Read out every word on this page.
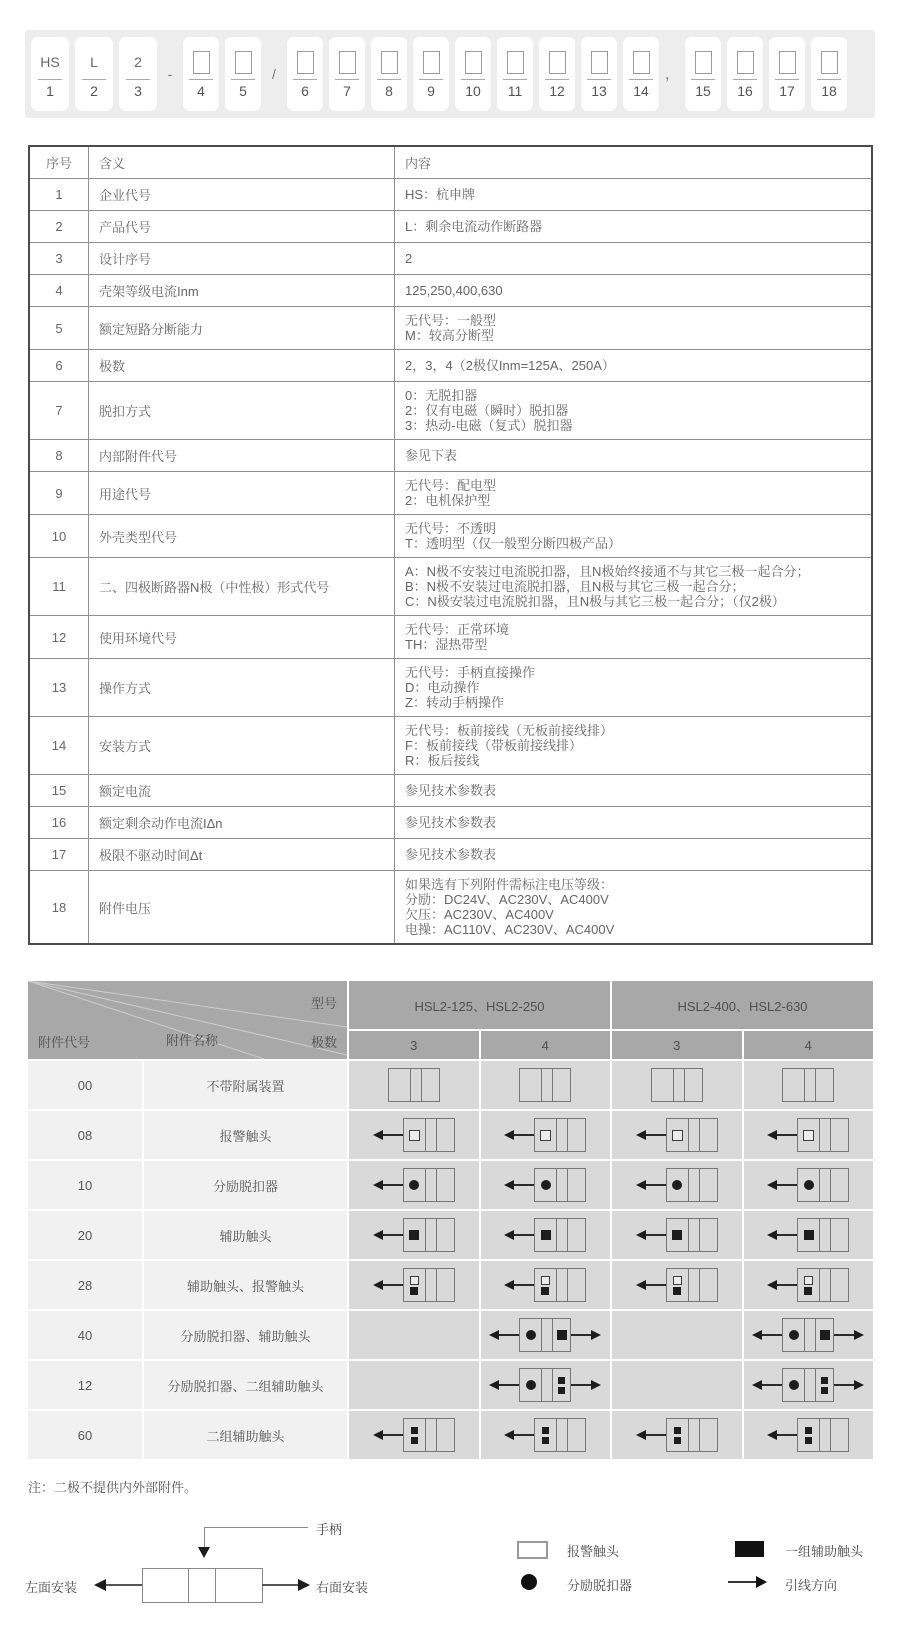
HS
1
L
2
2
3
-
4 5
/
6 7 8 9 10 11 12 13 14
，
15 16 17 18
序号	含义	内容
1	企业代号	HS：杭申牌

2	产品代号	L：剩余电流动作断路器

3	设计序号	2

4	壳架等级电流Inm	125,250,400,630

5	额定短路分断能力	无代号：一般型
M：较高分断型

6	极数	2，3，4（2极仅Inm=125A、250A）

7	脱扣方式	0：无脱扣器
2：仅有电磁（瞬时）脱扣器
3：热动-电磁（复式）脱扣器

8	内部附件代号	参见下表

9	用途代号	无代号：配电型
2：电机保护型

10	外壳类型代号	无代号：不透明
T：透明型（仅一般型分断四极产品）

11	二、四极断路器N极（中性极）形式代号	A：N极不安装过电流脱扣器，且N极始终接通不与其它三极一起合分；
B：N极不安装过电流脱扣器，且N极与其它三极一起合分；
C：N极安装过电流脱扣器，且N极与其它三极一起合分；（仅2极）

12	使用环境代号	无代号：正常环境
TH：湿热带型

13	操作方式	无代号：手柄直接操作
D：电动操作
Z：转动手柄操作

14	安装方式	无代号：板前接线（无板前接线排）
F：板前接线（带板前接线排）
R：板后接线

15	额定电流	参见技术参数表

16	额定剩余动作电流IΔn	参见技术参数表

17	极限不驱动时间Δt	参见技术参数表

18	附件电压	如果选有下列附件需标注电压等级：
分励：DC24V、AC230V、AC400V
欠压：AC230V、AC400V
电操：AC110V、AC230V、AC400V
型号
极数
附件代号	附件名称
HSL2-125、HSL2-250	HSL2-400、HSL2-630
3	4	3	4
00	不带附属装置
08	报警触头
10	分励脱扣器
20	辅助触头
28	辅助触头、报警触头
40	分励脱扣器、辅助触头
12	分励脱扣器、二组辅助触头
60	二组辅助触头
注：二极不提供内外部附件。
手柄
左面安装	右面安装
报警触头	一组辅助触头
分励脱扣器	引线方向
